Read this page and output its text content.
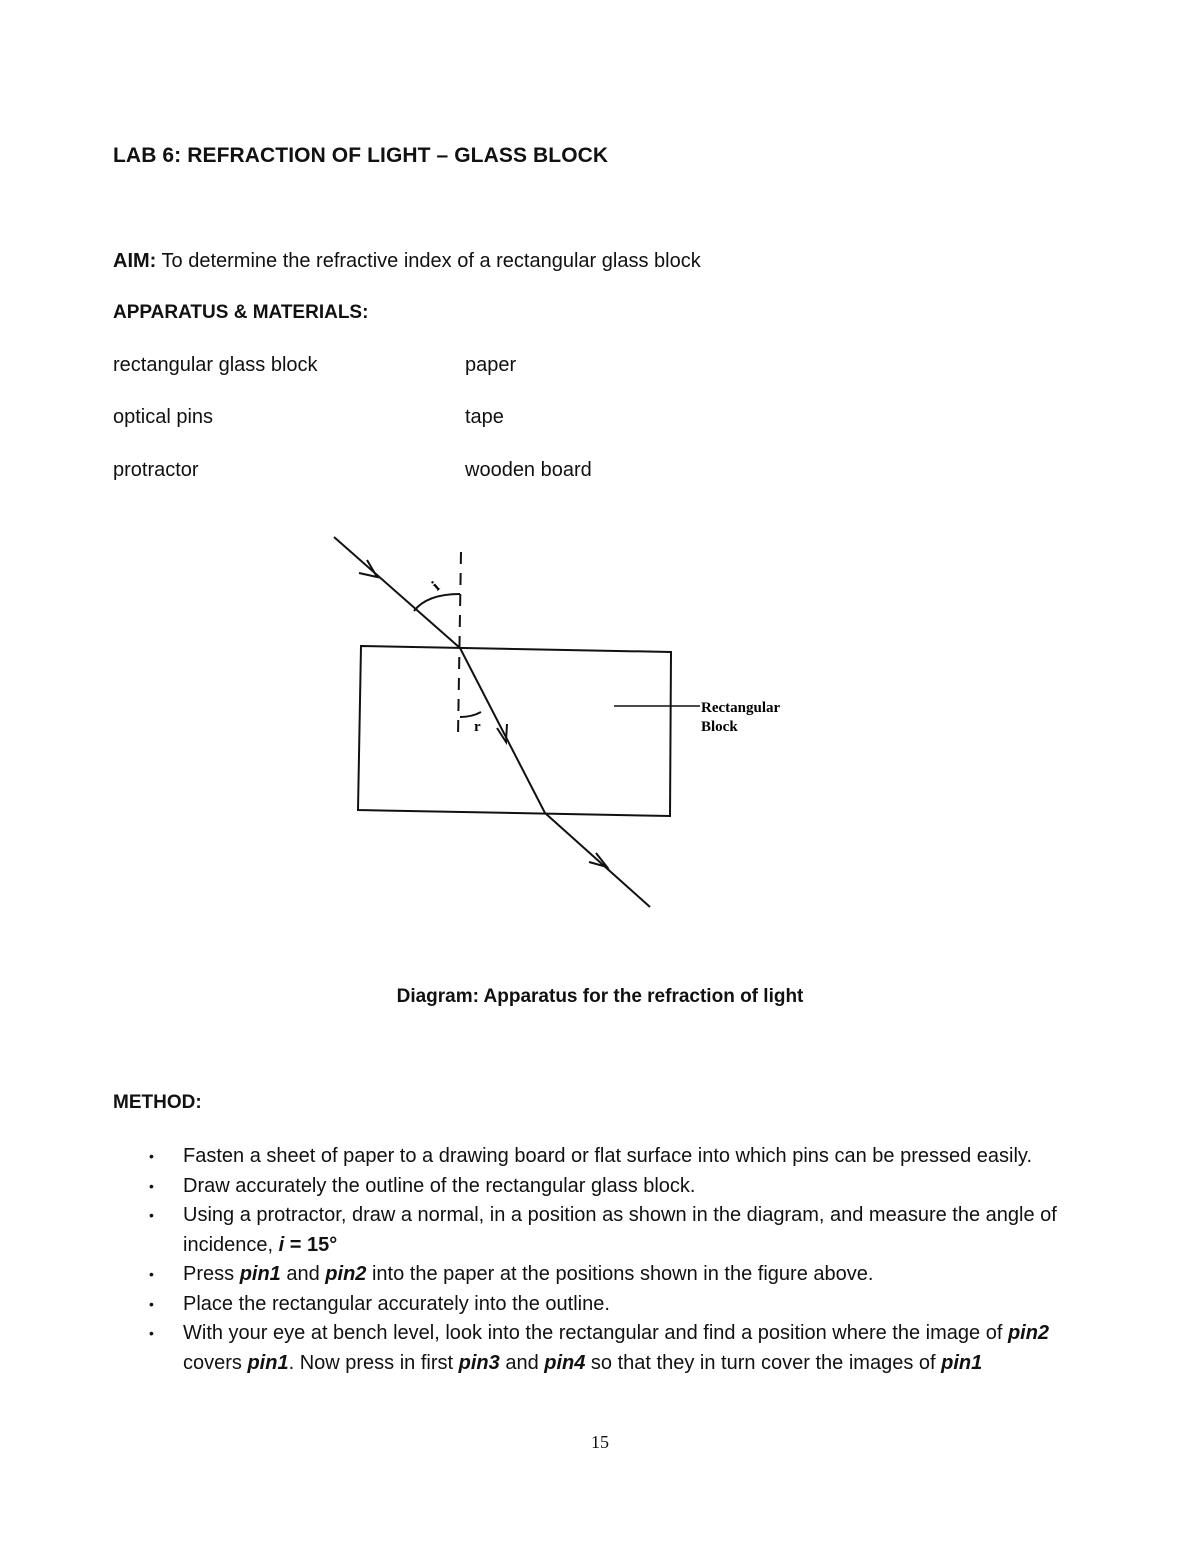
LAB 6: REFRACTION OF LIGHT – GLASS BLOCK
AIM: To determine the refractive index of a rectangular glass block
APPARATUS & MATERIALS:
rectangular glass block	paper
optical pins	tape
protractor	wooden board
i
r
Rectangular
Block
Diagram: Apparatus for the refraction of light
METHOD:
• Fasten a sheet of paper to a drawing board or flat surface into which pins can be pressed easily.
• Draw accurately the outline of the rectangular glass block.
• Using a protractor, draw a normal, in a position as shown in the diagram, and measure the angle of incidence, i = 15°
• Press pin1 and pin2 into the paper at the positions shown in the figure above.
• Place the rectangular accurately into the outline.
• With your eye at bench level, look into the rectangular and find a position where the image of pin2 covers pin1. Now press in first pin3 and pin4 so that they in turn cover the images of pin1
15
